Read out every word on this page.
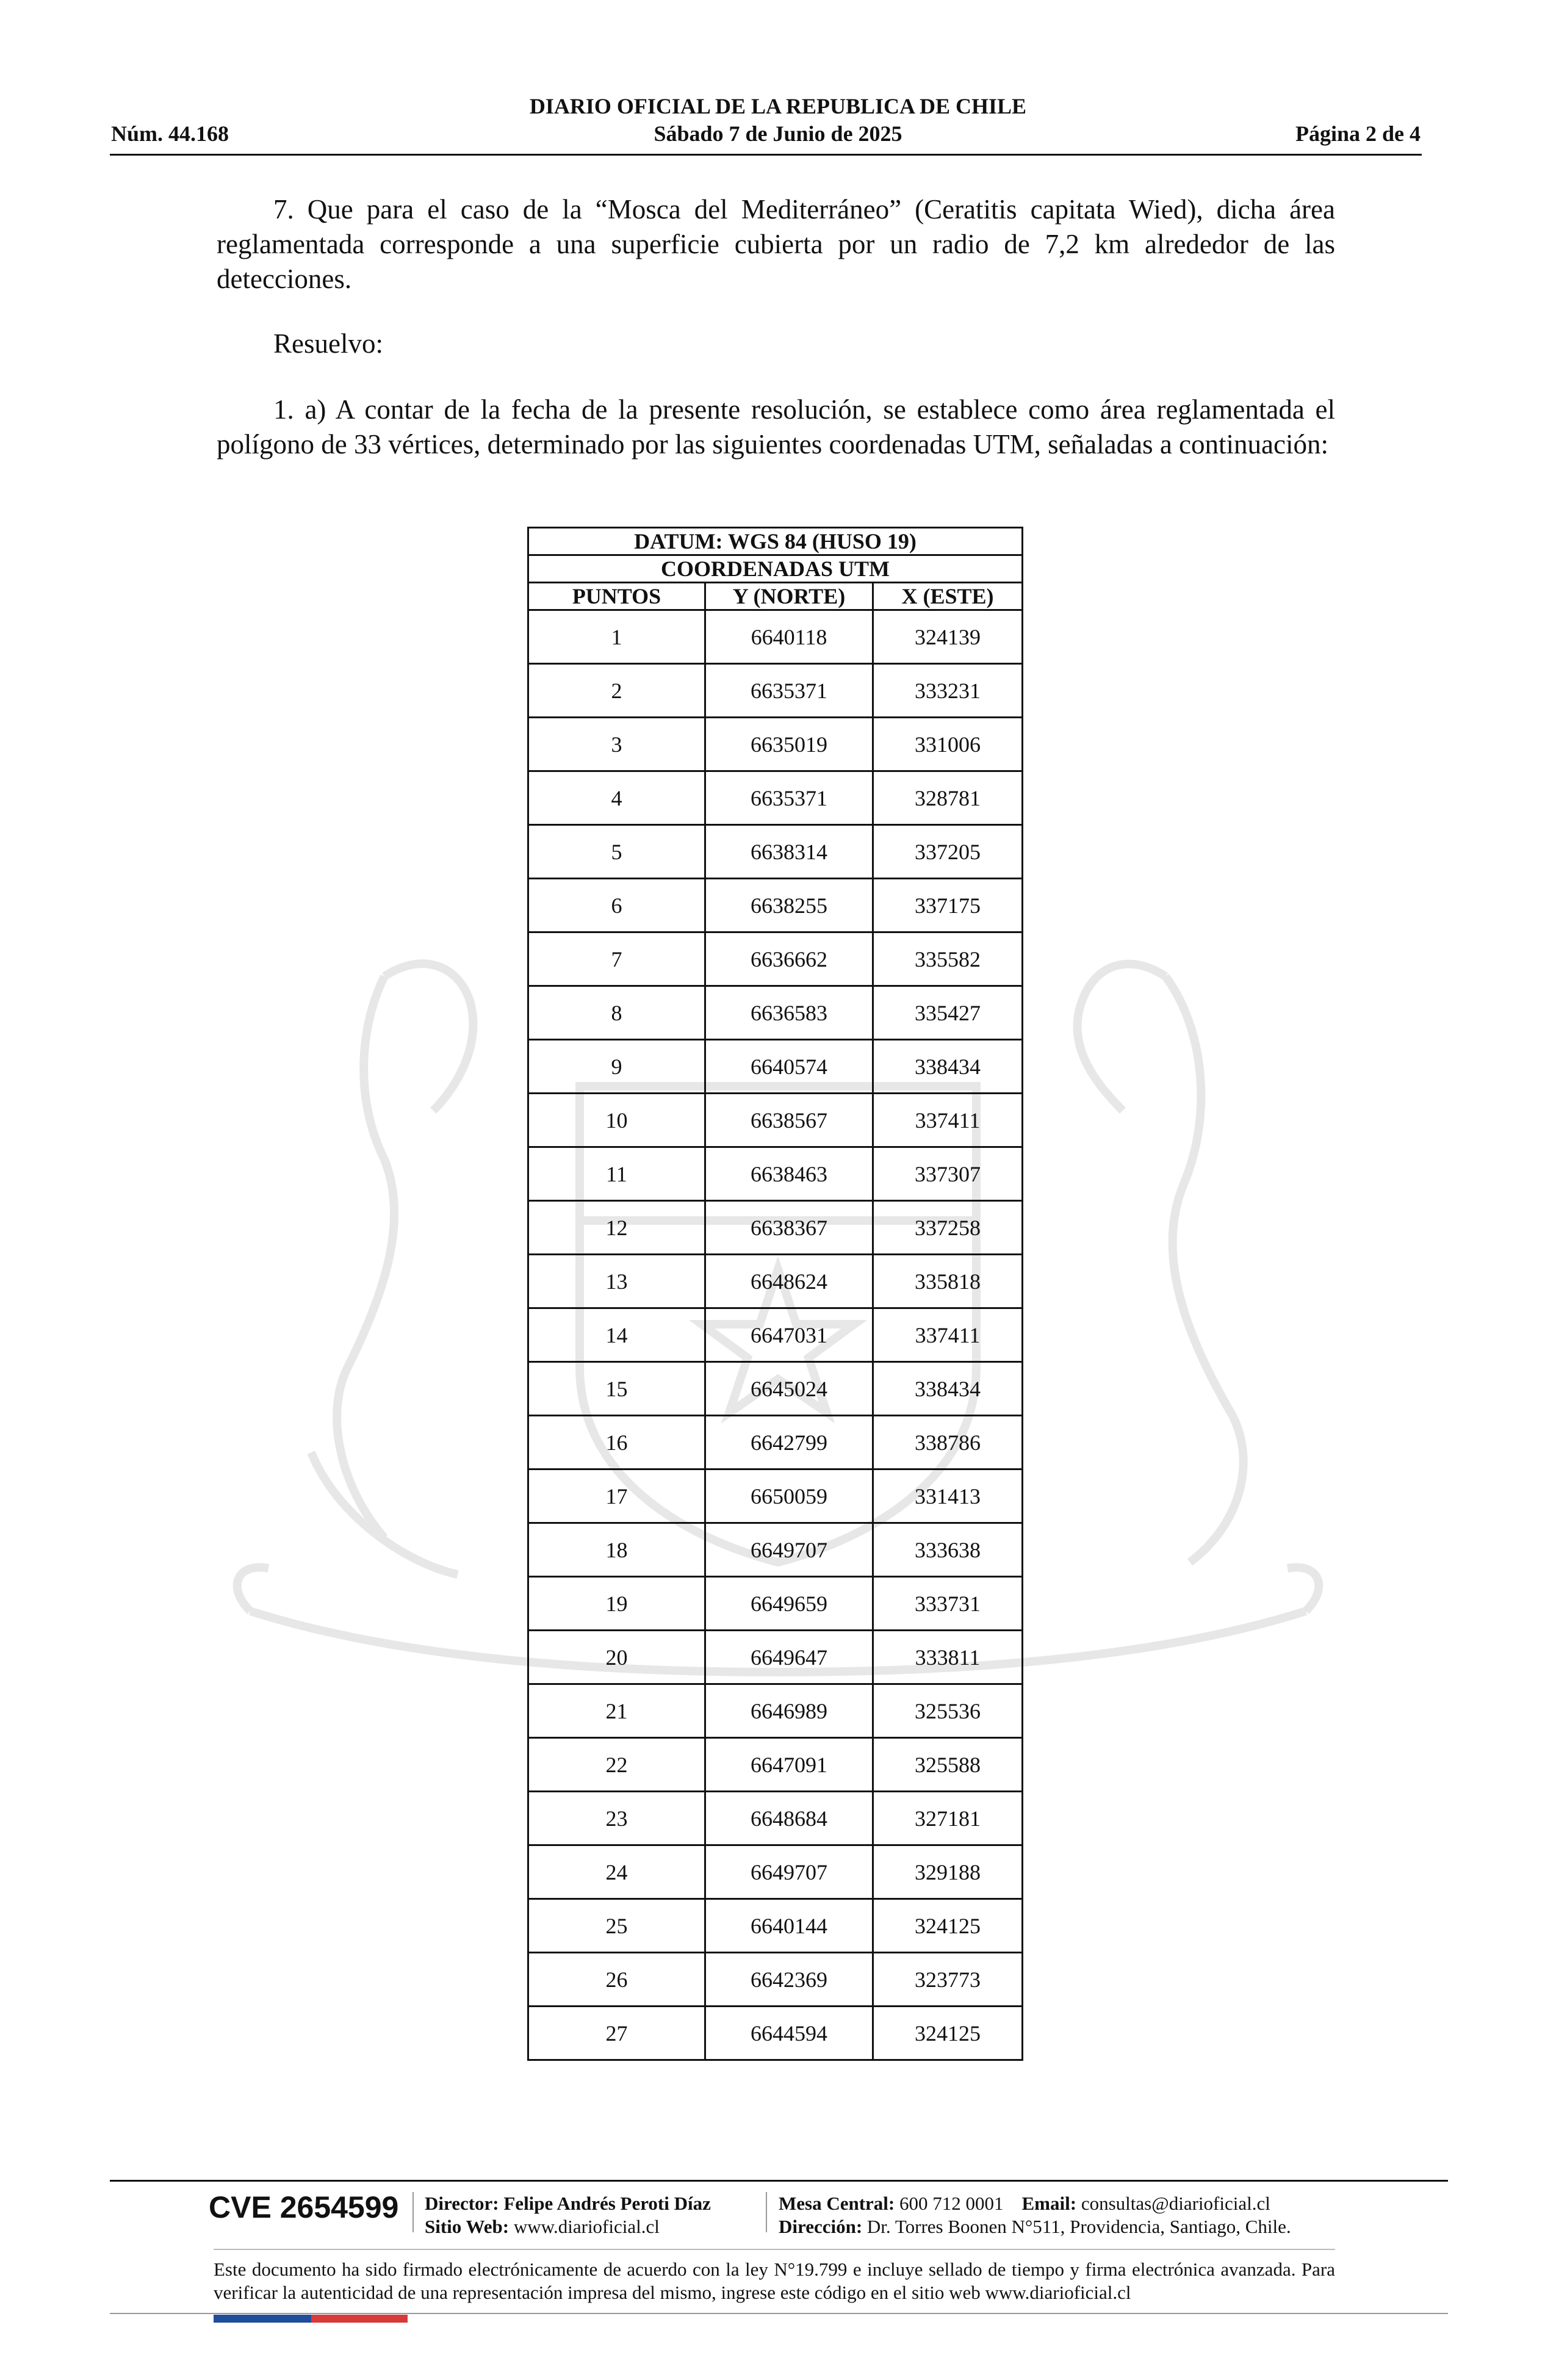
DIARIO OFICIAL DE LA REPUBLICA DE CHILE
Núm. 44.168	Sábado 7 de Junio de 2025	Página 2 de 4
7. Que para el caso de la “Mosca del Mediterráneo” (Ceratitis capitata Wied), dicha área reglamentada corresponde a una superficie cubierta por un radio de 7,2 km alrededor de las detecciones.
Resuelvo:
1. a) A contar de la fecha de la presente resolución, se establece como área reglamentada el polígono de 33 vértices, determinado por las siguientes coordenadas UTM, señaladas a continuación:
DATUM: WGS 84 (HUSO 19)		
COORDENADAS UTM		
PUNTOS	Y (NORTE)	X (ESTE)
1	6640118	324139
2	6635371	333231
3	6635019	331006
4	6635371	328781
5	6638314	337205
6	6638255	337175
7	6636662	335582
8	6636583	335427
9	6640574	338434
10	6638567	337411
11	6638463	337307
12	6638367	337258
13	6648624	335818
14	6647031	337411
15	6645024	338434
16	6642799	338786
17	6650059	331413
18	6649707	333638
19	6649659	333731
20	6649647	333811
21	6646989	325536
22	6647091	325588
23	6648684	327181
24	6649707	329188
25	6640144	324125
26	6642369	323773
27	6644594	324125
CVE 2654599 Director: Felipe Andrés Peroti Díaz
Sitio Web: www.diarioficial.cl
Mesa Central: 600 712 0001 Email: consultas@diarioficial.cl
Dirección: Dr. Torres Boonen N°511, Providencia, Santiago, Chile.
Este documento ha sido firmado electrónicamente de acuerdo con la ley N°19.799 e incluye sellado de tiempo y firma electrónica avanzada. Para verificar la autenticidad de una representación impresa del mismo, ingrese este código en el sitio web www.diarioficial.cl
